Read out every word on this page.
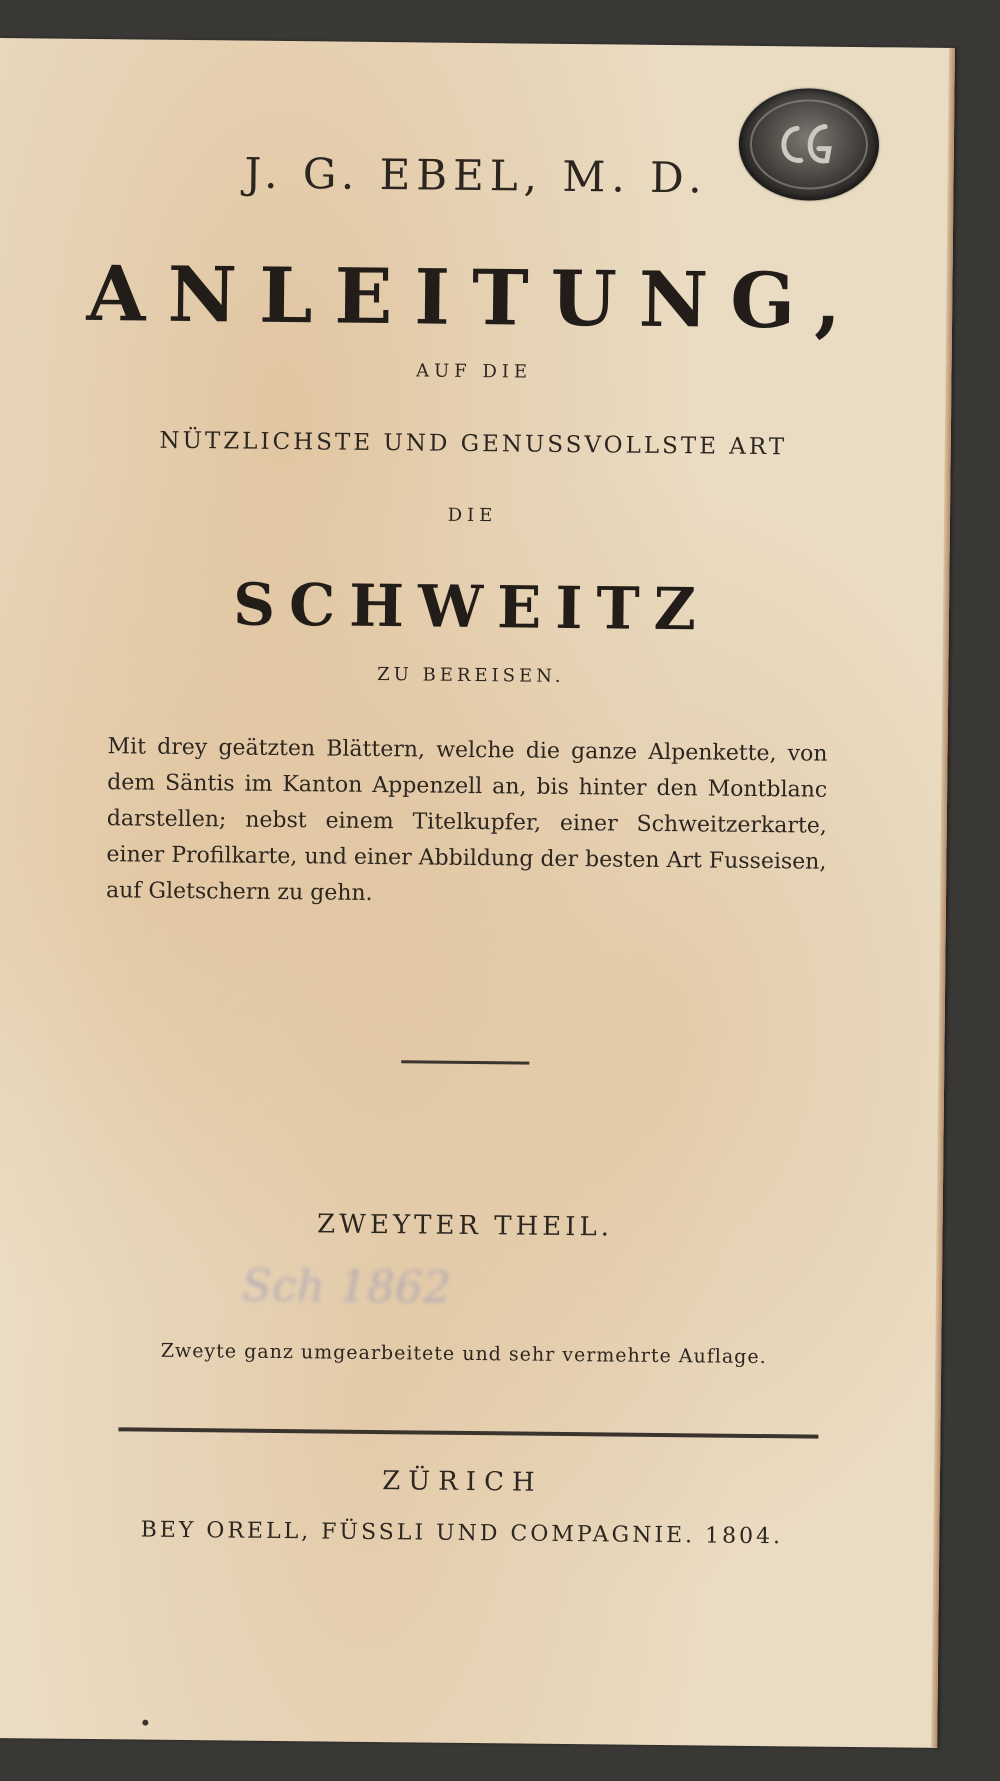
J. G. EBEL, M. D.
ANLEITUNG,
AUF DIE
NÜTZLICHSTE UND GENUSSVOLLSTE ART
DIE
SCHWEITZ
ZU BEREISEN.
Mit drey geätzten Blättern, welche die ganze Alpenkette, von dem Säntis im Kanton Appenzell an, bis hinter den Montblanc darstellen; nebst einem Titelkupfer, einer Schweitzerkarte, einer Profilkarte, und einer Abbildung der besten Art Fusseisen, auf Gletschern zu gehn.
ZWEYTER THEIL.
Sch 1862
Zweyte ganz umgearbeitete und sehr vermehrte Auflage.
ZÜRICH
BEY ORELL, FÜSSLI UND COMPAGNIE. 1804.
